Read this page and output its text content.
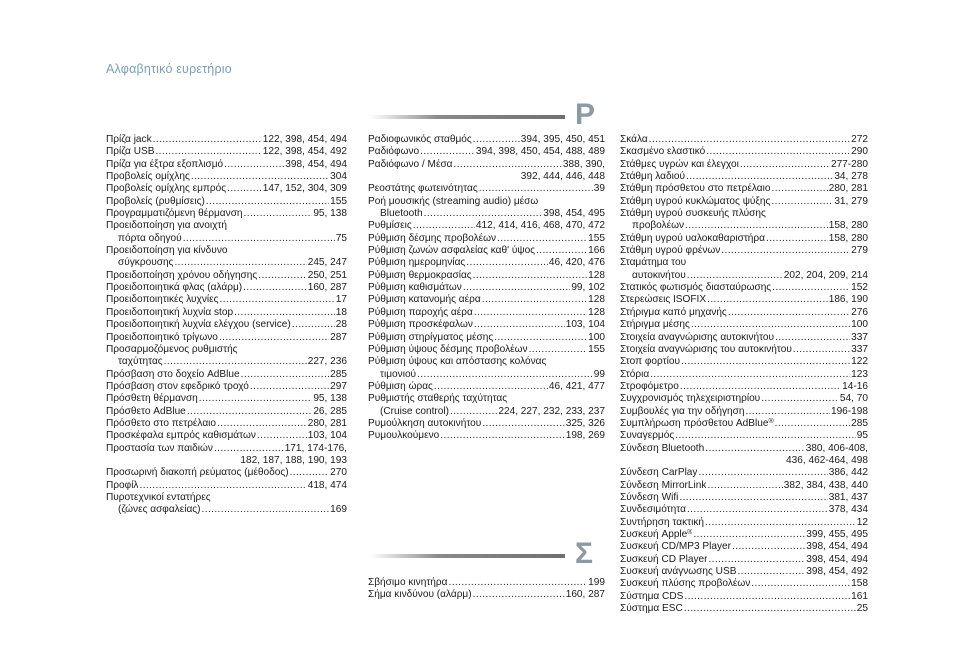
Αλφαβητικό ευρετήριο
P
Σ
Πρίζα jack .....	122, 398, 454, 494
Πρίζα USB .....	122, 398, 454, 492
Πρίζα για έξτρα εξοπλισμό .....	398, 454, 494
Προβολείς ομίχλης .....	304
Προβολείς ομίχλης εμπρός .....	147, 152, 304, 309
Προβολείς (ρυθμίσεις) .....	155
Προγραμματιζόμενη θέρμανση .....	95, 138
Προειδοποίηση για ανοιχτή
πόρτα οδηγού .....	75
Προειδοποίηση για κίνδυνο
σύγκρουσης .....	245, 247
Προειδοποίηση χρόνου οδήγησης .....	250, 251
Προειδοποιητικά φλας (αλάρμ) .....	160, 287
Προειδοποιητικές λυχνίες .....	17
Προειδοποιητική λυχνία stop .....	18
Προειδοποιητική λυχνία ελέγχου (service) .....	28
Προειδοποιητικό τρίγωνο .....	287
Προσαρμοζόμενος ρυθμιστής
ταχύτητας .....	227, 236
Πρόσβαση στο δοχείο AdBlue .....	285
Πρόσβαση στον εφεδρικό τροχό .....	297
Πρόσθετη θέρμανση .....	95, 138
Πρόσθετο AdBlue .....	26, 285
Πρόσθετο στο πετρέλαιο .....	280, 281
Προσκέφαλα εμπρός καθισμάτων .....	103, 104
Προστασία των παιδιών .....	171, 174-176,
182, 187, 188, 190, 193
Προσωρινή διακοπή ρεύματος (μέθοδος) .....	270
Προφίλ .....	418, 474
Πυροτεχνικοί εντατήρες
(ζώνες ασφαλείας) .....	169
Ραδιοφωνικός σταθμός .....	394, 395, 450, 451
Ραδιόφωνο .....	394, 398, 450, 454, 488, 489
Ραδιόφωνο / Μέσα .....	388, 390,
392, 444, 446, 448
Ρεοστάτης φωτεινότητας .....	39
Ροή μουσικής (streaming audio) μέσω
Bluetooth .....	398, 454, 495
Ρυθμίσεις .....	412, 414, 416, 468, 470, 472
Ρύθμιση δέσμης προβολέων .....	155
Ρύθμιση ζωνών ασφαλείας καθ' ύψος .....	166
Ρύθμιση ημερομηνίας .....	46, 420, 476
Ρύθμιση θερμοκρασίας .....	128
Ρύθμιση καθισμάτων .....	99, 102
Ρύθμιση κατανομής αέρα .....	128
Ρύθμιση παροχής αέρα .....	128
Ρύθμιση προσκέφαλων .....	103, 104
Ρύθμιση στηρίγματος μέσης .....	100
Ρύθμιση ύψους δέσμης προβολέων .....	155
Ρύθμιση ύψους και απόστασης κολόνας
τιμονιού .....	99
Ρύθμιση ώρας .....	46, 421, 477
Ρυθμιστής σταθερής ταχύτητας
(Cruise control) .....	224, 227, 232, 233, 237
Ρυμούλκηση αυτοκινήτου .....	325, 326
Ρυμουλκούμενο .....	198, 269
Σκάλα .....	272
Σκασμένο ελαστικό .....	290
Στάθμες υγρών και έλεγχοι .....	277-280
Στάθμη λαδιού .....	34, 278
Στάθμη πρόσθετου στο πετρέλαιο .....	280, 281
Στάθμη υγρού κυκλώματος ψύξης .....	31, 279
Στάθμη υγρού συσκευής πλύσης
προβολέων .....	158, 280
Στάθμη υγρού υαλοκαθαριστήρα .....	158, 280
Στάθμη υγρού φρένων .....	279
Σταμάτημα του
αυτοκινήτου .....	202, 204, 209, 214
Στατικός φωτισμός διασταύρωσης .....	152
Στερεώσεις ISOFIX .....	186, 190
Στήριγμα καπό μηχανής .....	276
Στήριγμα μέσης .....	100
Στοιχεία αναγνώρισης αυτοκινήτου .....	337
Στοιχεία αναγνώρισης του αυτοκινήτου .....	337
Στοπ φορτίου .....	122
Στόρια .....	123
Στροφόμετρο .....	14-16
Συγχρονισμός τηλεχειριστηρίου .....	54, 70
Συμβουλές για την οδήγηση .....	196-198
Συμπλήρωση πρόσθετου AdBlue® .....	285
Συναγερμός .....	95
Σύνδεση Bluetooth .....	380, 406-408,
436, 462-464, 498
Σύνδεση CarPlay .....	386, 442
Σύνδεση MirrorLink .....	382, 384, 438, 440
Σύνδεση Wifi .....	381, 437
Συνδεσιμότητα .....	378, 434
Συντήρηση τακτική .....	12
Συσκευή Apple® .....	399, 455, 495
Συσκευή CD/MP3 Player .....	398, 454, 494
Συσκευή CD Player .....	398, 454, 494
Συσκευή ανάγνωσης USB .....	398, 454, 492
Συσκευή πλύσης προβολέων .....	158
Σύστημα CDS .....	161
Σύστημα ESC .....	25
Σβήσιμο κινητήρα .....	199
Σήμα κινδύνου (αλάρμ) .....	160, 287
